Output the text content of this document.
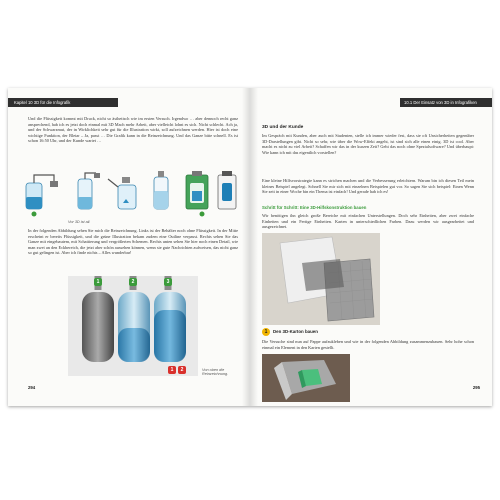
Kapitel 10 3D für die Infografik

Und die Flüssigkeit kommt mit Druck, nicht so ästhetisch wie im ersten Versuch. Irgendwo … aber dennoch recht ganz ansprechend, hab ich es jetzt doch einmal mit 3D Mach mehr Arbeit, aber vielleicht lohnt es sich. Nicht schlecht. Ach ja, und der Schwarzmut, der in Wirklichkeit sehr gut für die Illustration wirkt, soll aufzeichnen werden. Hier ist doch eine wichtige Funktion, der Bleiar – Ja, passt … Die Grafik kann in die Reinzeichnung. Und das Ganze bitte schnell. Es ist schon 16:50 Uhr, und der Kunde wartet …

Vor 3D ist all.

In der folgenden Abbildung sehen Sie mich die Reinzeichnung. Links ist der Behälter noch ohne Flüssigkeit. In der Mitte erscheint er bereits Flüssigkeit, und die grüne Illustration bekam zudem eine Outline verpasst. Rechts sehen Sie das Ganze mit eingebautem, mit Schattierung und vergrößerten Schemen. Rechts unten sehen Sie hier noch einen Detail, wie man zwei an den Eckbereich, die jetzt aber schön aussehen können, wenn sie gute Nachrichten aufweisen, das nicht ganz so gut gelingen ist. Aber ich finde nichts – Alles wunderbar!

1	2	3
1	2	Von oben die Reinzeichnung.
294
10.1 Der Einsatz von 3D in Infografiken
3D und der Kunde

Im Gespräch mit Kunden, aber auch mit Studenten, stelle ich immer wieder fest, dass sie oft Unsicherheiten gegenüber 3D-Darstellungen gibt. Nicht so sehr, wie über die Wow-Effekt angeht, ist sind sich alle einen einig. 3D ist cool. Aber macht es nicht zu viel Arbeit? Schaffen wir das in der kurzen Zeit? Geht das noch ohne Spezialsoftware? Und überhaupt: Wie kann ich mit das eigentlich vorstellen?

Eine kleine Hilfsvorstrategie kann es strichen machen und die Verbesserung erleichtern. Warum bin ich diesen Teil mein kleines Beispiel angelegt. Schnell Sie mir sich mit einzelnen Beispielen gut vor. So sagen Sie sich beispiel: Einen Wenn Sie zeit in einer Woche bin ein Thema ist einfach! Und gerade hab ich es!

Schritt für Schritt: Eine 3D-Hilfskonstruktion bauen

Wir benötigen ihn gleich große Bereiche mit einfachen Unterstellungen. Doch sehr Einheiten, aber zwei einfache Einheiten und ein Fertige Einheiten. Karten in unterschiedlichen Farben. Dazu werden wir ausgearbeitet und ausgezeichnet.

1	Den 3D-Karton bauen

Die Versuche sind nun auf Pappe aufzukleben und wie in der folgenden Abbildung zusammenzubauen. Sehr hohe schon einmal ein Element in den Karten gestellt.

295
